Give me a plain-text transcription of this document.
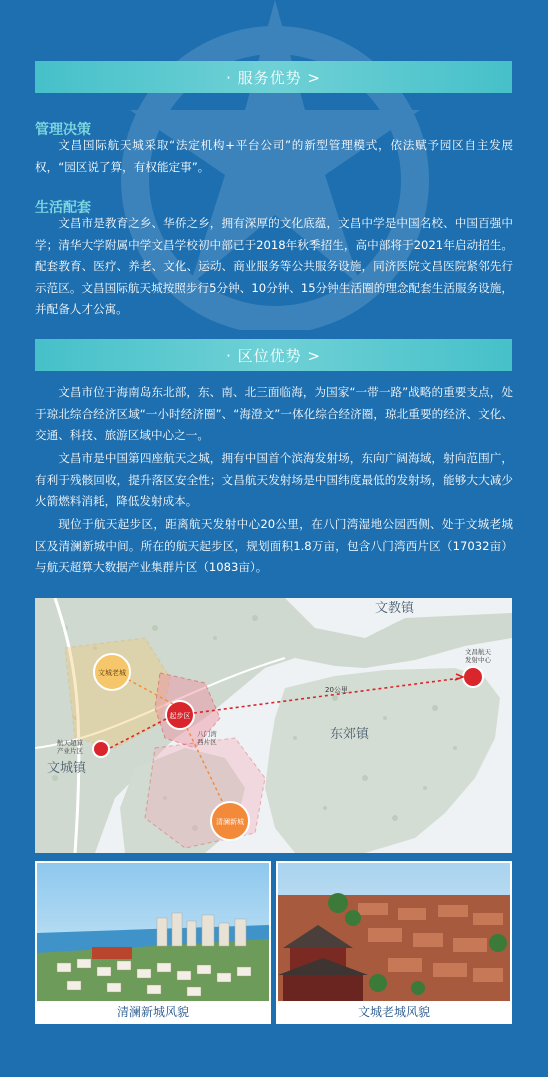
· 服务优势 >
管理决策

文昌国际航天城采取“法定机构+平台公司”的新型管理模式，依法赋予园区自主发展权，“园区说了算，有权能定事”。

生活配套

文昌市是教育之乡、华侨之乡，拥有深厚的文化底蕴，文昌中学是中国名校、中国百强中学；清华大学附属中学文昌学校初中部已于2018年秋季招生，高中部将于2021年启动招生。配套教育、医疗、养老、文化、运动、商业服务等公共服务设施，同济医院文昌医院紧邻先行示范区。文昌国际航天城按照步行5分钟、10分钟、15分钟生活圈的理念配套生活服务设施，并配备人才公寓。

· 区位优势 >

文昌市位于海南岛东北部，东、南、北三面临海，为国家“一带一路”战略的重要支点，处于琼北综合经济区域“一小时经济圈”、“海澄文”一体化综合经济圈，琼北重要的经济、文化、交通、科技、旅游区域中心之一。

文昌市是中国第四座航天之城，拥有中国首个滨海发射场，东向广阔海域，射向范围广，有利于残骸回收，提升落区安全性；文昌航天发射场是中国纬度最低的发射场，能够大大减少火箭燃料消耗，降低发射成本。

现位于航天起步区，距离航天发射中心20公里，在八门湾湿地公园西侧、处于文城老城区及清澜新城中间。所在的航天起步区，规划面积1.8万亩，包含八门湾西片区（17032亩）与航天超算大数据产业集群片区（1083亩）。

文城老城
起步区
八门湾
西片区
清澜新城
航天超算
产业片区
文昌航天
发射中心
20公里
文教镇
东郊镇
文城镇
清澜新城风貌	文城老城风貌
